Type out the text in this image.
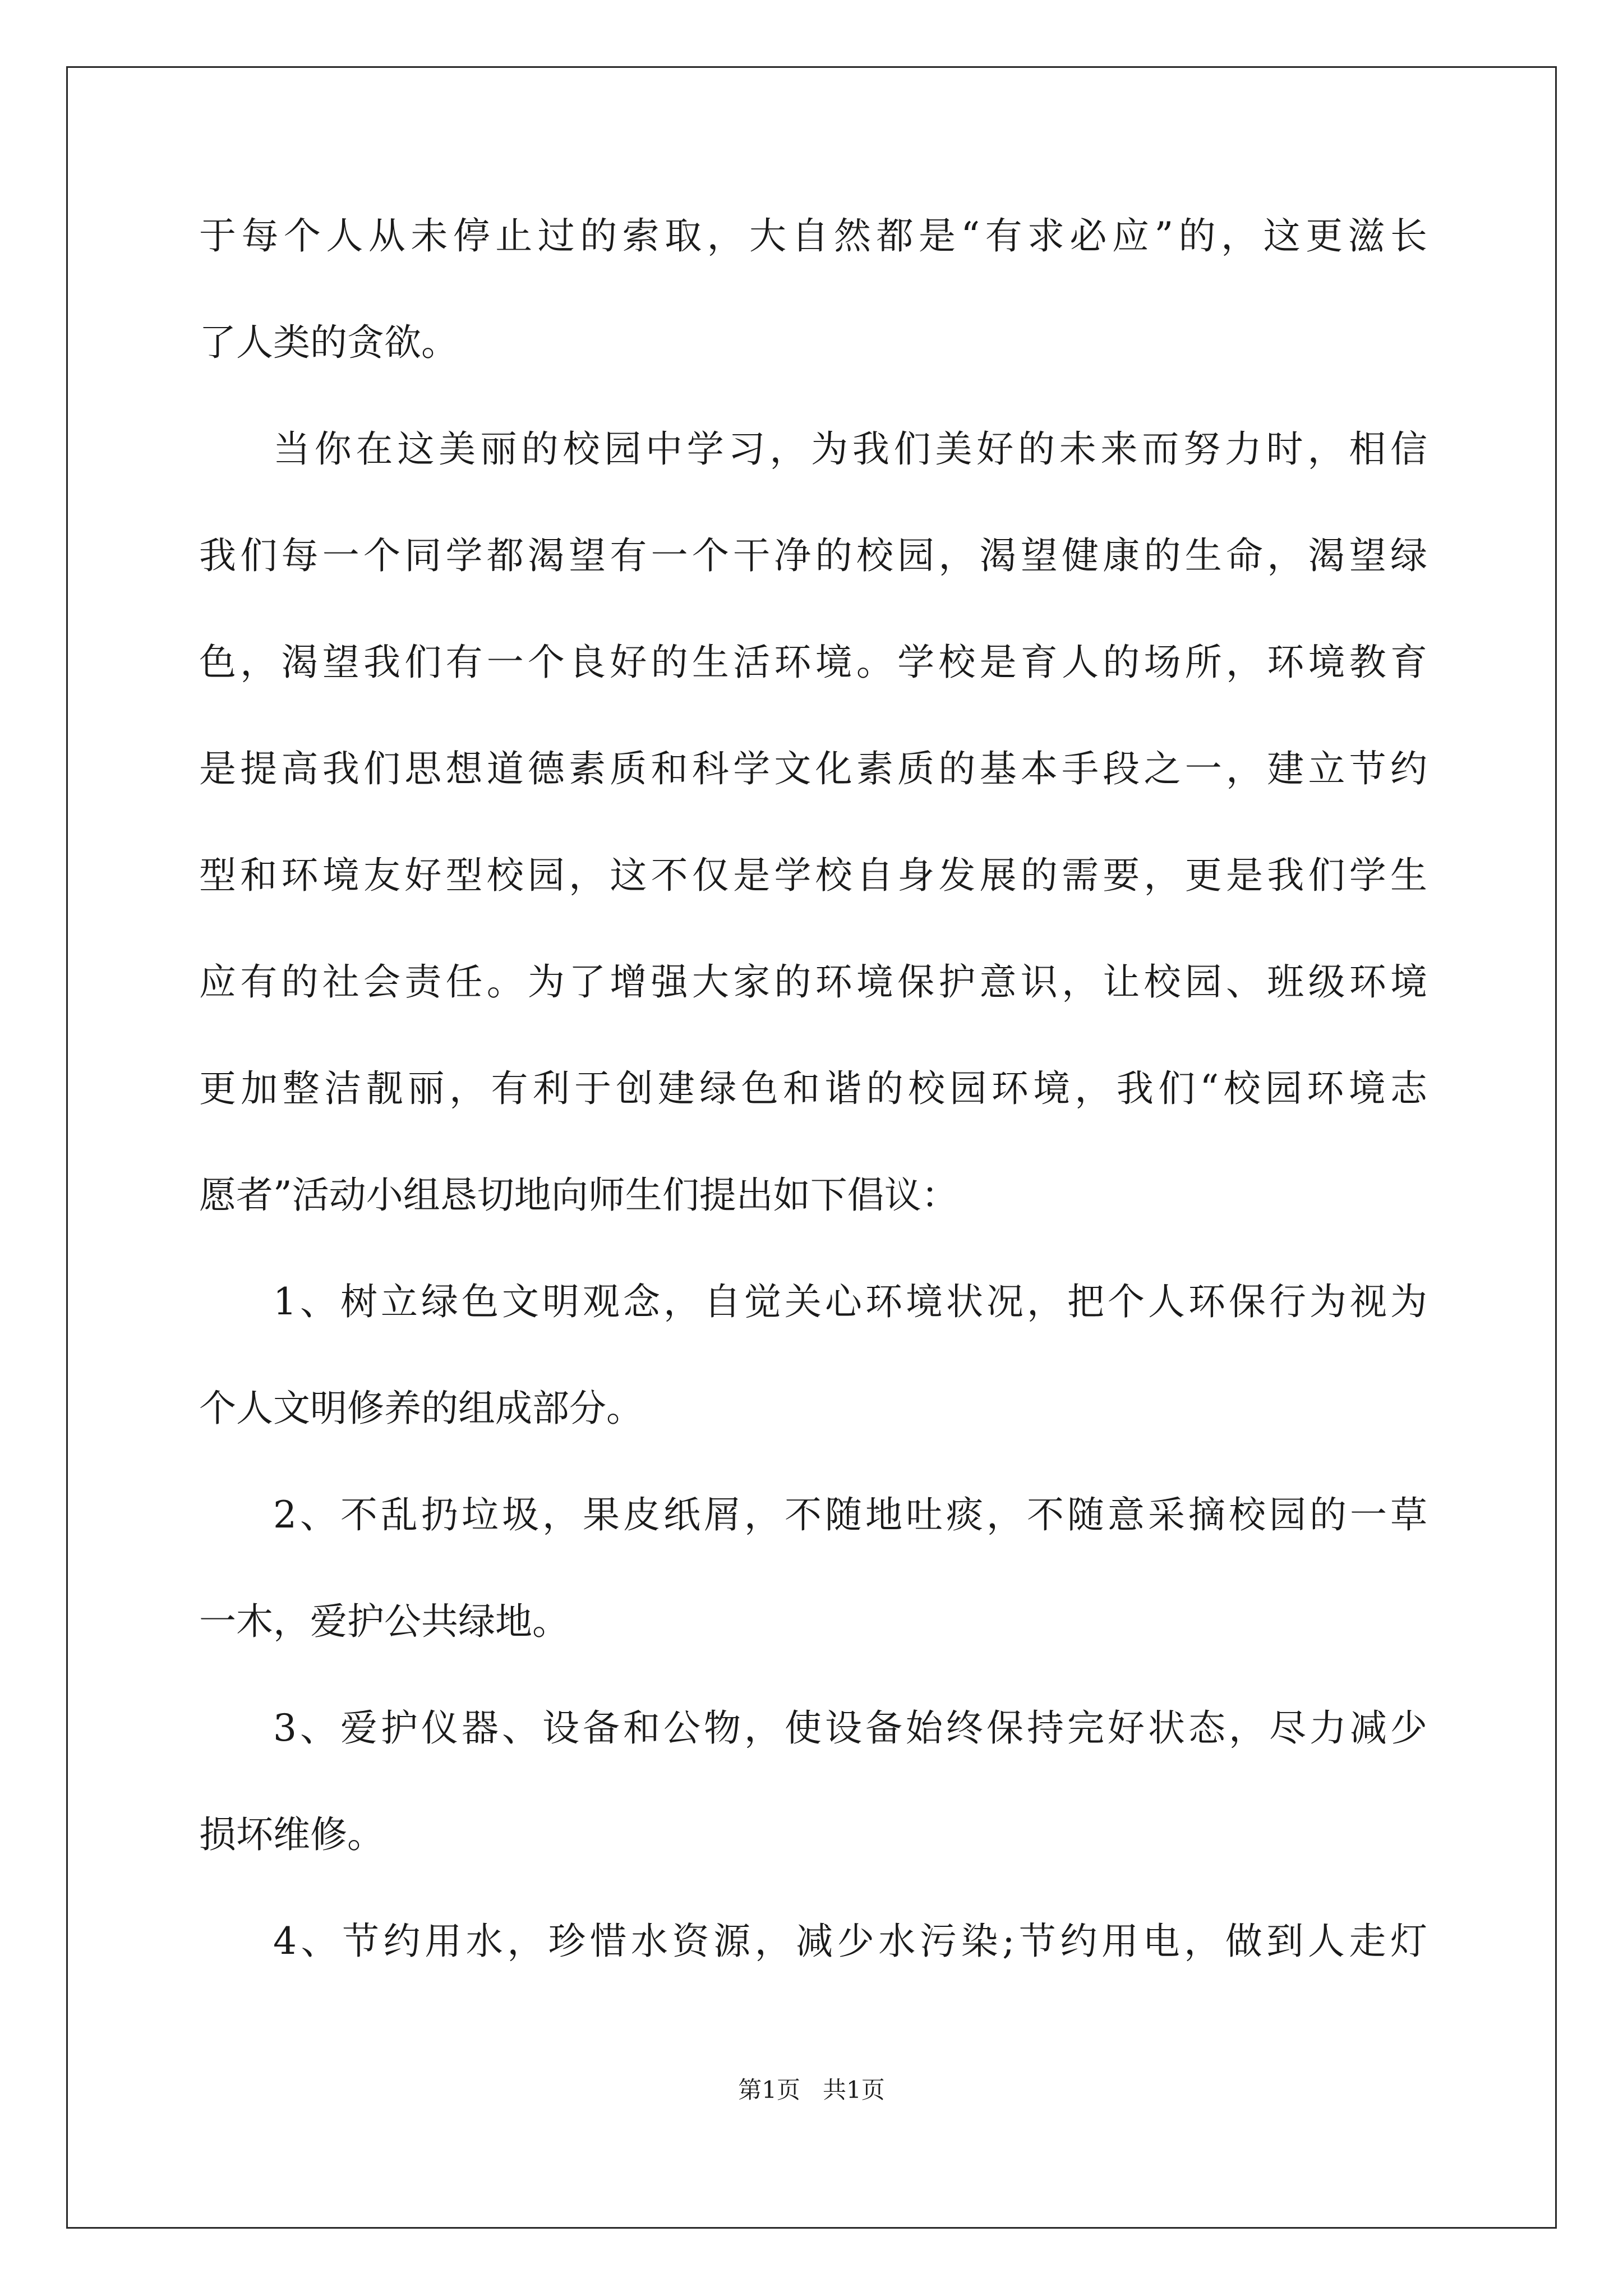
于每个人从未停止过的索取，大自然都是“有求必应”的，这更滋长
了人类的贪欲。
当你在这美丽的校园中学习，为我们美好的未来而努力时，相信
我们每一个同学都渴望有一个干净的校园，渴望健康的生命，渴望绿
色，渴望我们有一个良好的生活环境。学校是育人的场所，环境教育
是提高我们思想道德素质和科学文化素质的基本手段之一，建立节约
型和环境友好型校园，这不仅是学校自身发展的需要，更是我们学生
应有的社会责任。为了增强大家的环境保护意识，让校园、班级环境
更加整洁靓丽，有利于创建绿色和谐的校园环境，我们“校园环境志
愿者”活动小组恳切地向师生们提出如下倡议：
1、树立绿色文明观念，自觉关心环境状况，把个人环保行为视为
个人文明修养的组成部分。
2、不乱扔垃圾，果皮纸屑，不随地吐痰，不随意采摘校园的一草
一木，爱护公共绿地。
3、爱护仪器、设备和公物，使设备始终保持完好状态，尽力减少
损坏维修。
4、节约用水，珍惜水资源，减少水污染;节约用电，做到人走灯
第1页 共1页
